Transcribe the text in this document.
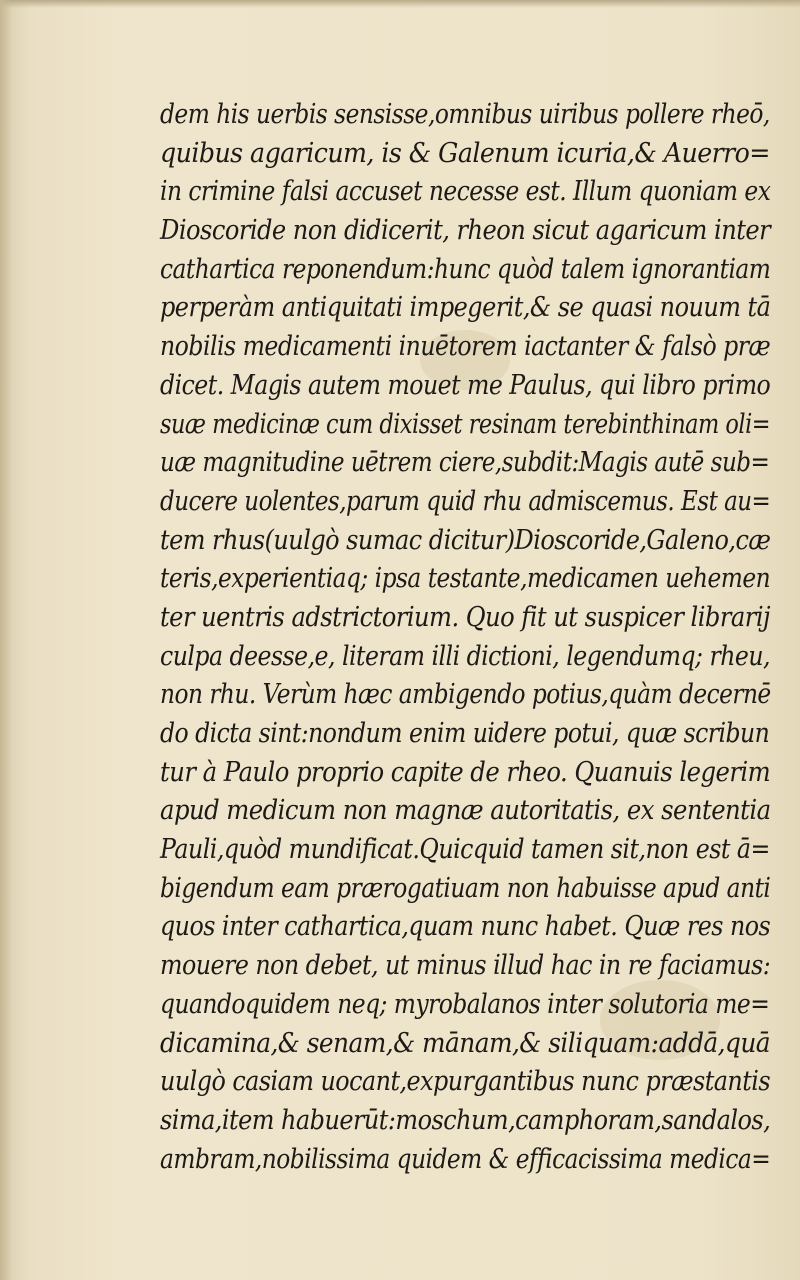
dem his uerbis sensisse,omnibus uiribus pollere rheō,
quibus agaricum, is & Galenum icuria,& Auerro=
in crimine falsi accuset necesse est. Illum quoniam ex
Dioscoride non didicerit, rheon sicut agaricum inter
cathartica reponendum:hunc quòd talem ignorantiam
perperàm antiquitati impegerit,& se quasi nouum tā
nobilis medicamenti inuētorem iactanter & falsò præ
dicet. Magis autem mouet me Paulus, qui libro primo
suæ medicinæ cum dixisset resinam terebinthinam oli=
uæ magnitudine uētrem ciere,subdit:Magis autē sub=
ducere uolentes,parum quid rhu admiscemus. Est au=
tem rhus(uulgò sumac dicitur)Dioscoride,Galeno,cæ
teris,experientiaq; ipsa testante,medicamen uehemen
ter uentris adstrictorium. Quo fit ut suspicer librarij
culpa deesse,e, literam illi dictioni, legendumq; rheu,
non rhu. Verùm hæc ambigendo potius,quàm decernē
do dicta sint:nondum enim uidere potui, quæ scribun
tur à Paulo proprio capite de rheo. Quanuis legerim
apud medicum non magnæ autoritatis, ex sententia
Pauli,quòd mundificat.Quicquid tamen sit,non est ā=
bigendum eam prærogatiuam non habuisse apud anti
quos inter cathartica,quam nunc habet. Quæ res nos
mouere non debet, ut minus illud hac in re faciamus:
quandoquidem neq; myrobalanos inter solutoria me=
dicamina,& senam,& mānam,& siliquam:addā,quā
uulgò casiam uocant,expurgantibus nunc præstantis
sima,item habuerūt:moschum,camphoram,sandalos,
ambram,nobilissima quidem & efficacissima medica=
